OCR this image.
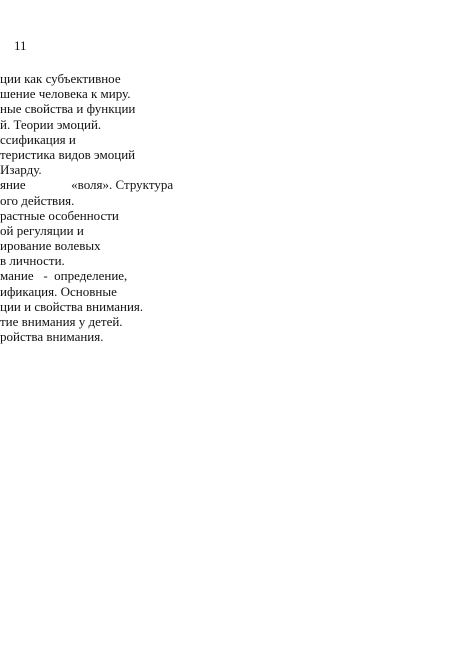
11
ции как субъективное
шение человека к миру.
ные свойства и функции
й. Теории эмоций.
ссификация и
теристика видов эмоций
Изарду.
яние              «воля». Структура
ого действия.
растные особенности
ой регуляции и
ирование волевых
в личности.
мание   -  определение,
ификация. Основные
ции и свойства внимания.
тие внимания у детей.
ройства внимания.
